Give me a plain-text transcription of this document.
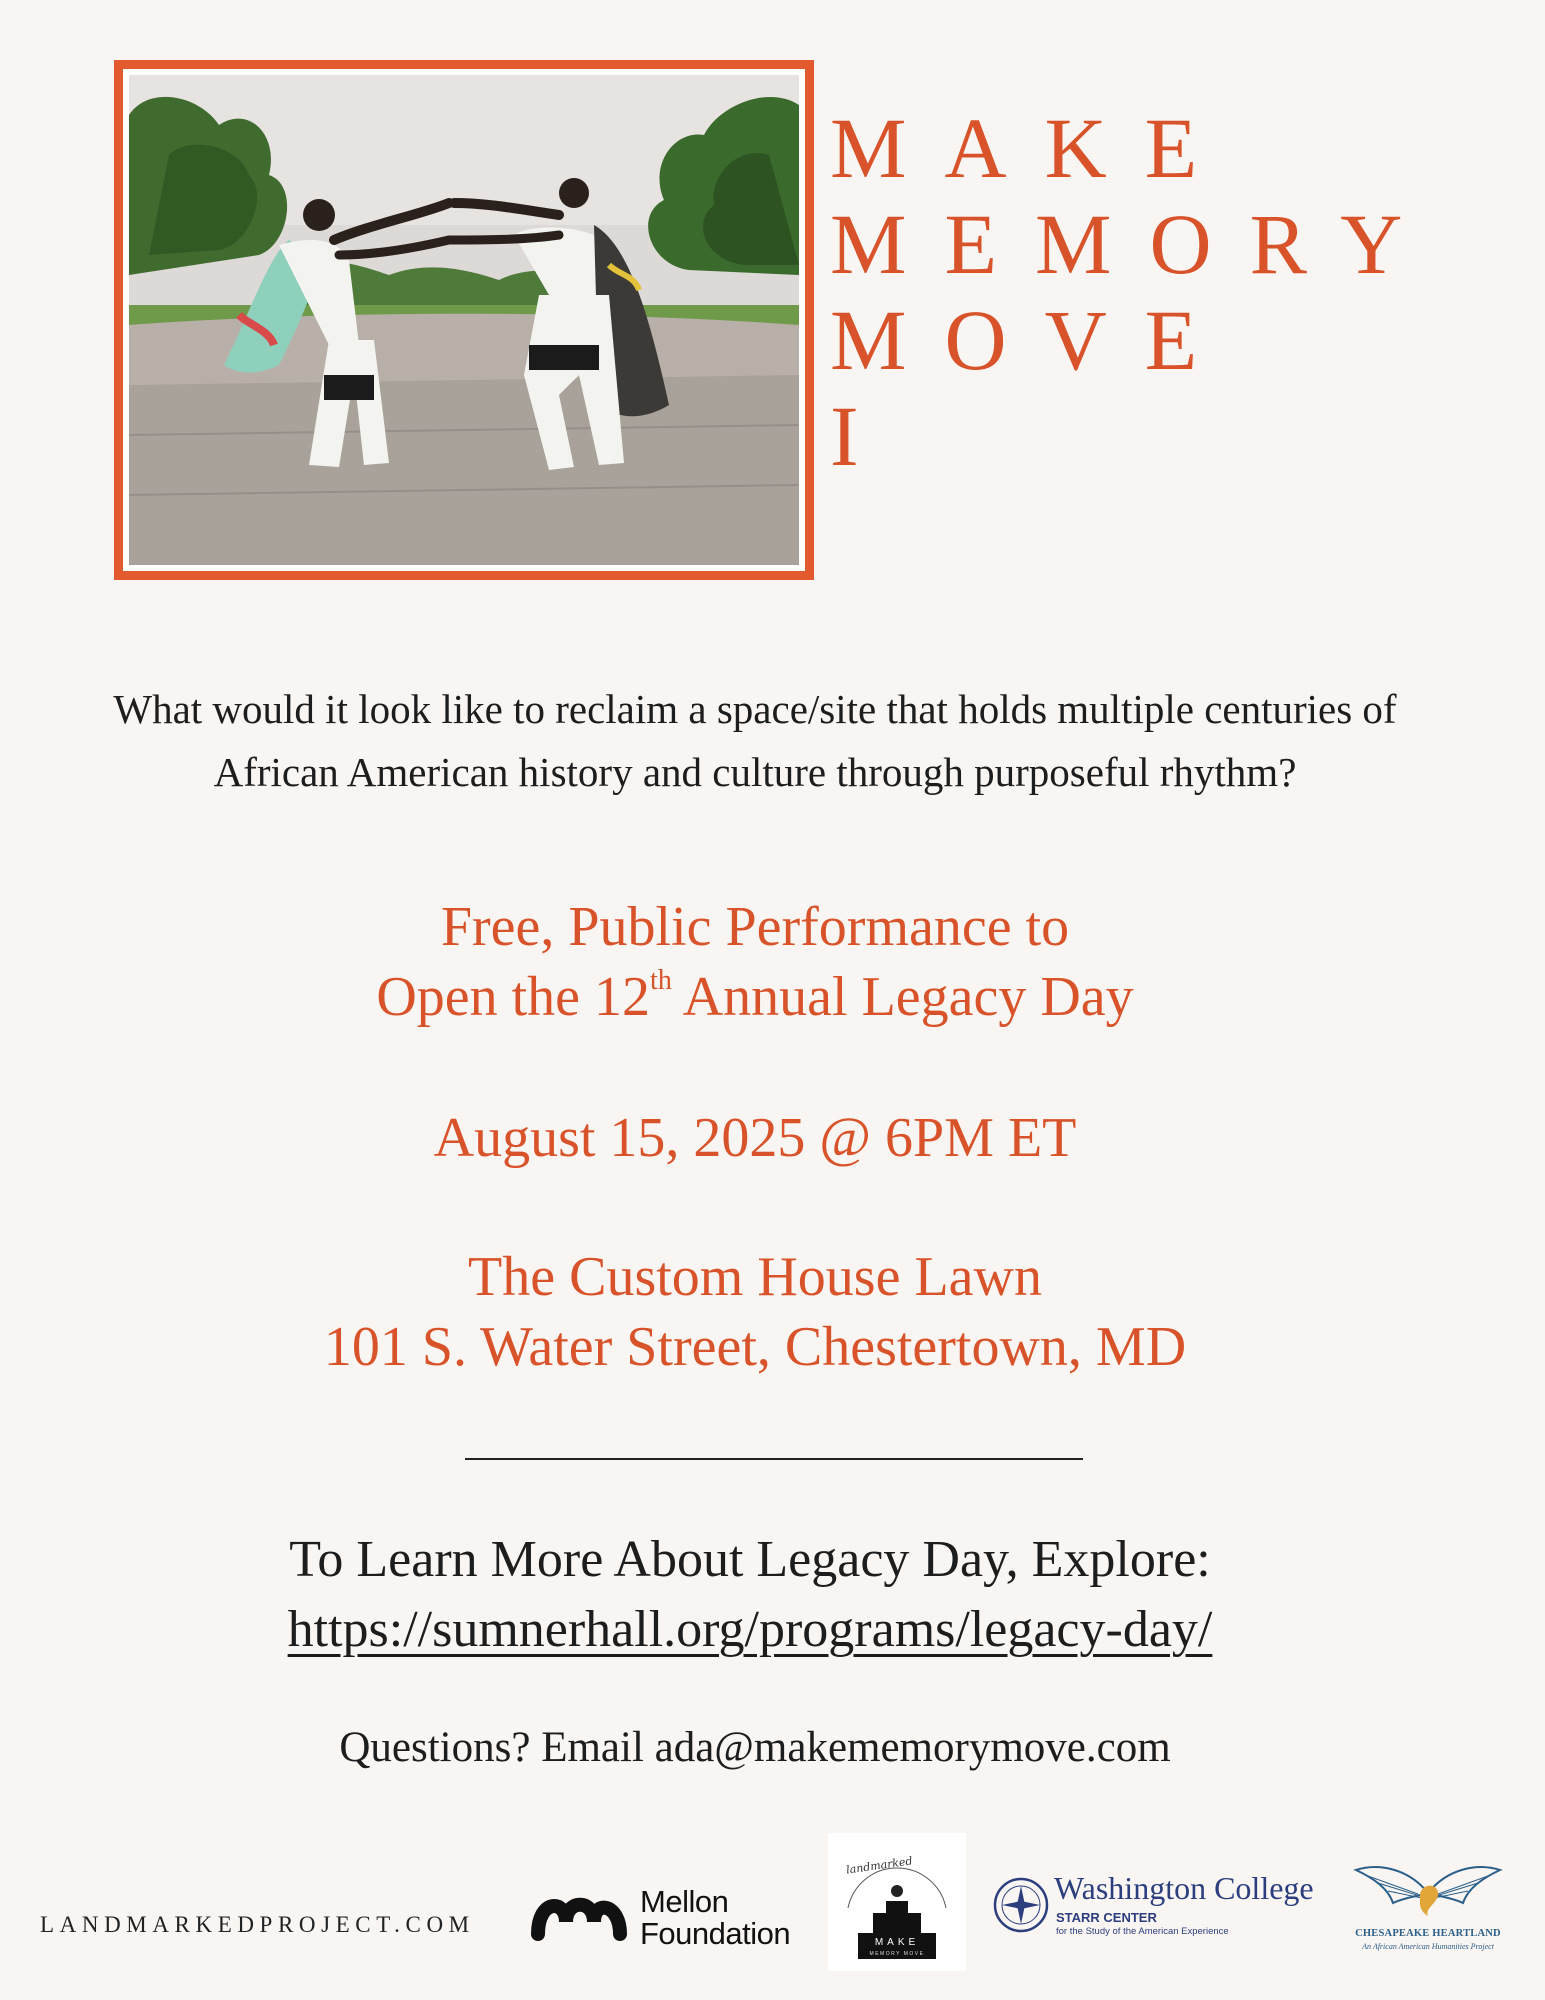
MAKE
MEMORY
MOVE
I
What would it look like to reclaim a space/site that holds multiple centuries of African American history and culture through purposeful rhythm?
Free, Public Performance to
Open the 12th Annual Legacy Day
August 15, 2025 @ 6PM ET
The Custom House Lawn
101 S. Water Street, Chestertown, MD
To Learn More About Legacy Day, Explore:
https://sumnerhall.org/programs/legacy-day/
Questions? Email ada@makememorymove.com
LANDMARKEDPROJECT.COM
Mellon
Foundation
landmarked
MAKE
MEMORY MOVE
Washington College
STARR CENTER
for the Study of the American Experience	CHESAPEAKE HEARTLAND
An African American Humanities Project
